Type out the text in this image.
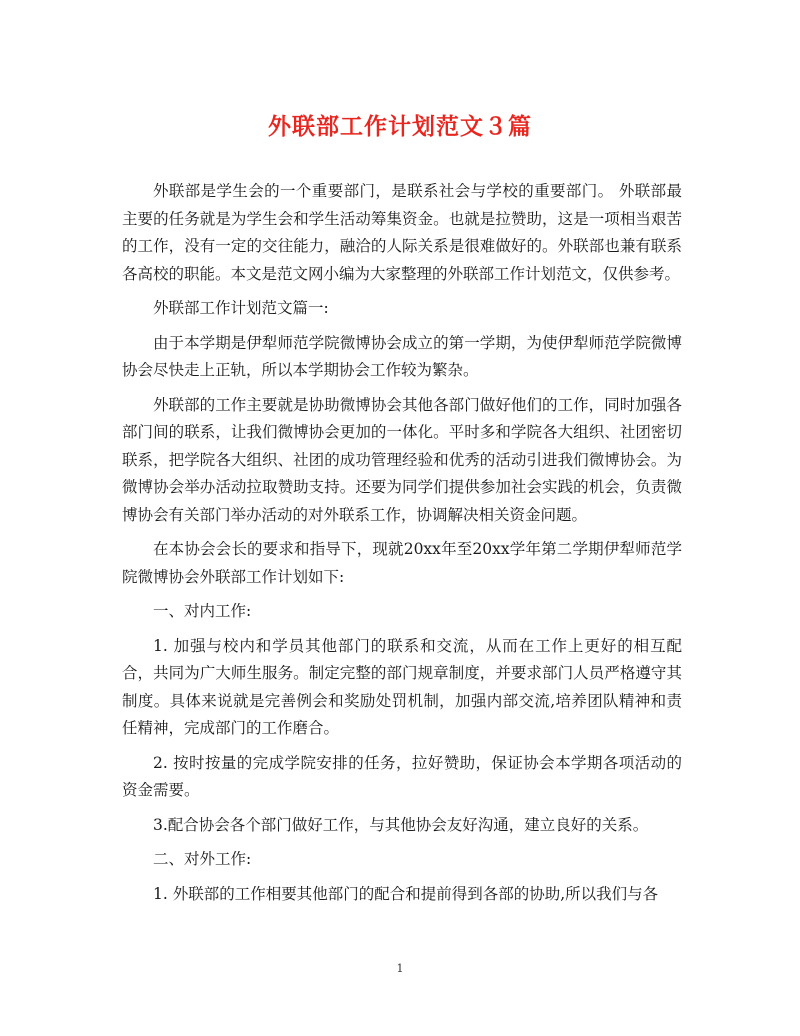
外联部工作计划范文３篇

外联部是学生会的一个重要部门，是联系社会与学校的重要部门。 外联部最主要的任务就是为学生会和学生活动筹集资金。也就是拉赞助，这是一项相当艰苦的工作，没有一定的交往能力，融洽的人际关系是很难做好的。外联部也兼有联系各高校的职能。本文是范文网小编为大家整理的外联部工作计划范文，仅供参考。

外联部工作计划范文篇一:

由于本学期是伊犁师范学院微博协会成立的第一学期，为使伊犁师范学院微博协会尽快走上正轨，所以本学期协会工作较为繁杂。

外联部的工作主要就是协助微博协会其他各部门做好他们的工作，同时加强各部门间的联系，让我们微博协会更加的一体化。平时多和学院各大组织、社团密切联系，把学院各大组织、社团的成功管理经验和优秀的活动引进我们微博协会。为微博协会举办活动拉取赞助支持。还要为同学们提供参加社会实践的机会，负责微博协会有关部门举办活动的对外联系工作，协调解决相关资金问题。

在本协会会长的要求和指导下，现就20xx年至20xx学年第二学期伊犁师范学院微博协会外联部工作计划如下:

一、对内工作:

1. 加强与校内和学员其他部门的联系和交流，从而在工作上更好的相互配合，共同为广大师生服务。制定完整的部门规章制度，并要求部门人员严格遵守其制度。具体来说就是完善例会和奖励处罚机制，加强内部交流,培养团队精神和责任精神，完成部门的工作磨合。

2. 按时按量的完成学院安排的任务，拉好赞助，保证协会本学期各项活动的资金需要。

3.配合协会各个部门做好工作，与其他协会友好沟通，建立良好的关系。

二、对外工作:

1. 外联部的工作相要其他部门的配合和提前得到各部的协助,所以我们与各

1
